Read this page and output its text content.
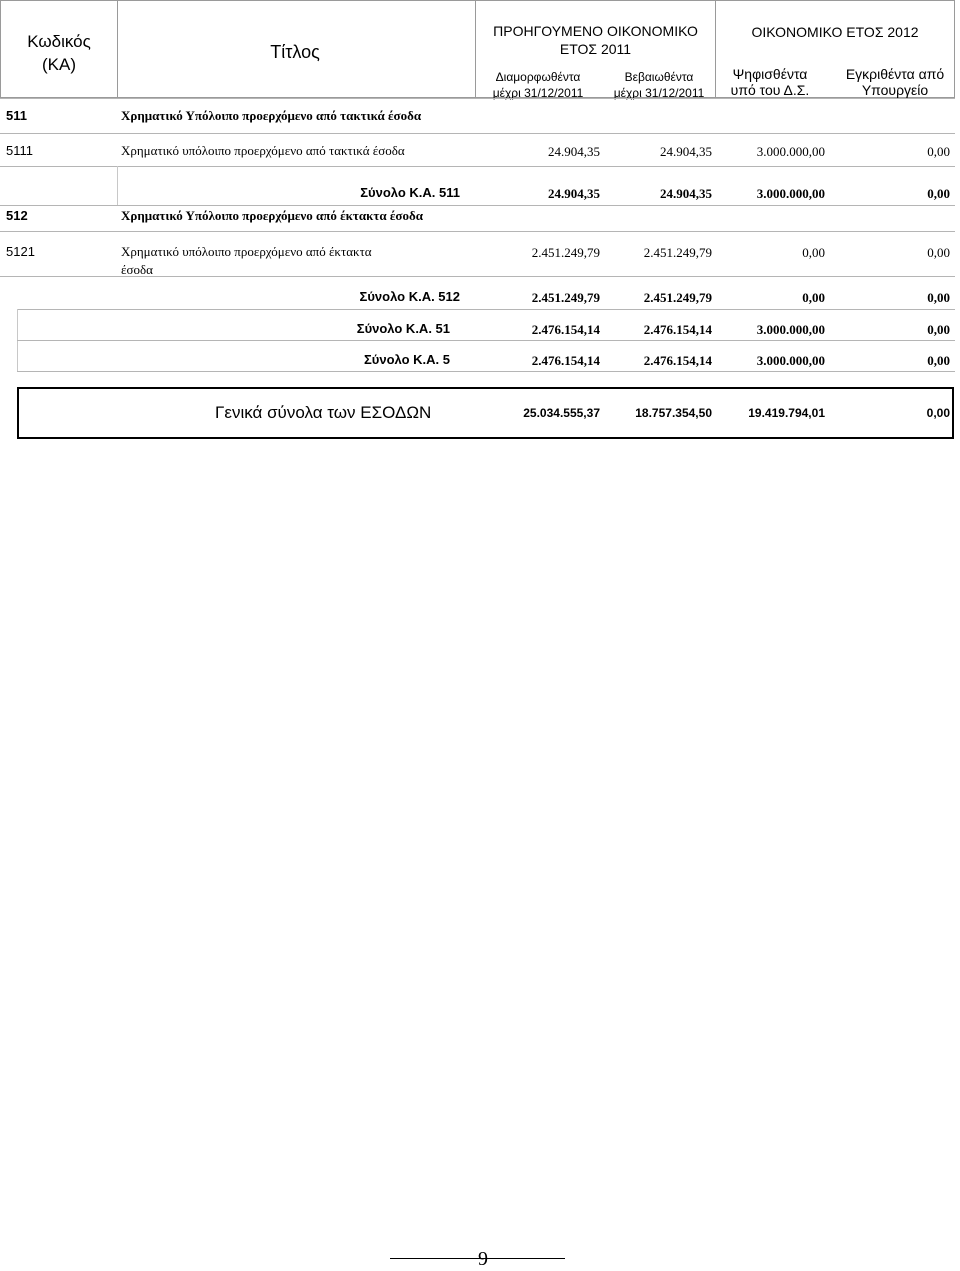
Κωδικός
(ΚΑ)
Τίτλος
ΠΡΟΗΓΟΥΜΕΝΟ ΟΙΚΟΝΟΜΙΚΟ
ΕΤΟΣ 2011
Διαμορφωθέντα
μέχρι 31/12/2011
Βεβαιωθέντα
μέχρι 31/12/2011
ΟΙΚΟΝΟΜΙΚΟ ΕΤΟΣ 2012
Ψηφισθέντα
υπό του Δ.Σ.
Εγκριθέντα από
Υπουργείο
511	Χρηματικό Υπόλοιπο προερχόμενο από τακτικά έσοδα
5111	Χρηματικό υπόλοιπο προερχόμενο από τακτικά έσοδα	24.904,35	24.904,35	3.000.000,00	0,00
Σύνολο Κ.Α. 511	24.904,35	24.904,35	3.000.000,00	0,00
512	Χρηματικό Υπόλοιπο προερχόμενο από έκτακτα έσοδα
5121	Χρηματικό υπόλοιπο προερχόμενο από έκτακτα
έσοδα
2.451.249,79	2.451.249,79	0,00	0,00
Σύνολο Κ.Α. 512	2.451.249,79	2.451.249,79	0,00	0,00
Σύνολο Κ.Α. 51	2.476.154,14	2.476.154,14	3.000.000,00	0,00
Σύνολο Κ.Α. 5	2.476.154,14	2.476.154,14	3.000.000,00	0,00
Γενικά σύνολα των ΕΣΟΔΩΝ	25.034.555,37	18.757.354,50	19.419.794,01	0,00
9
